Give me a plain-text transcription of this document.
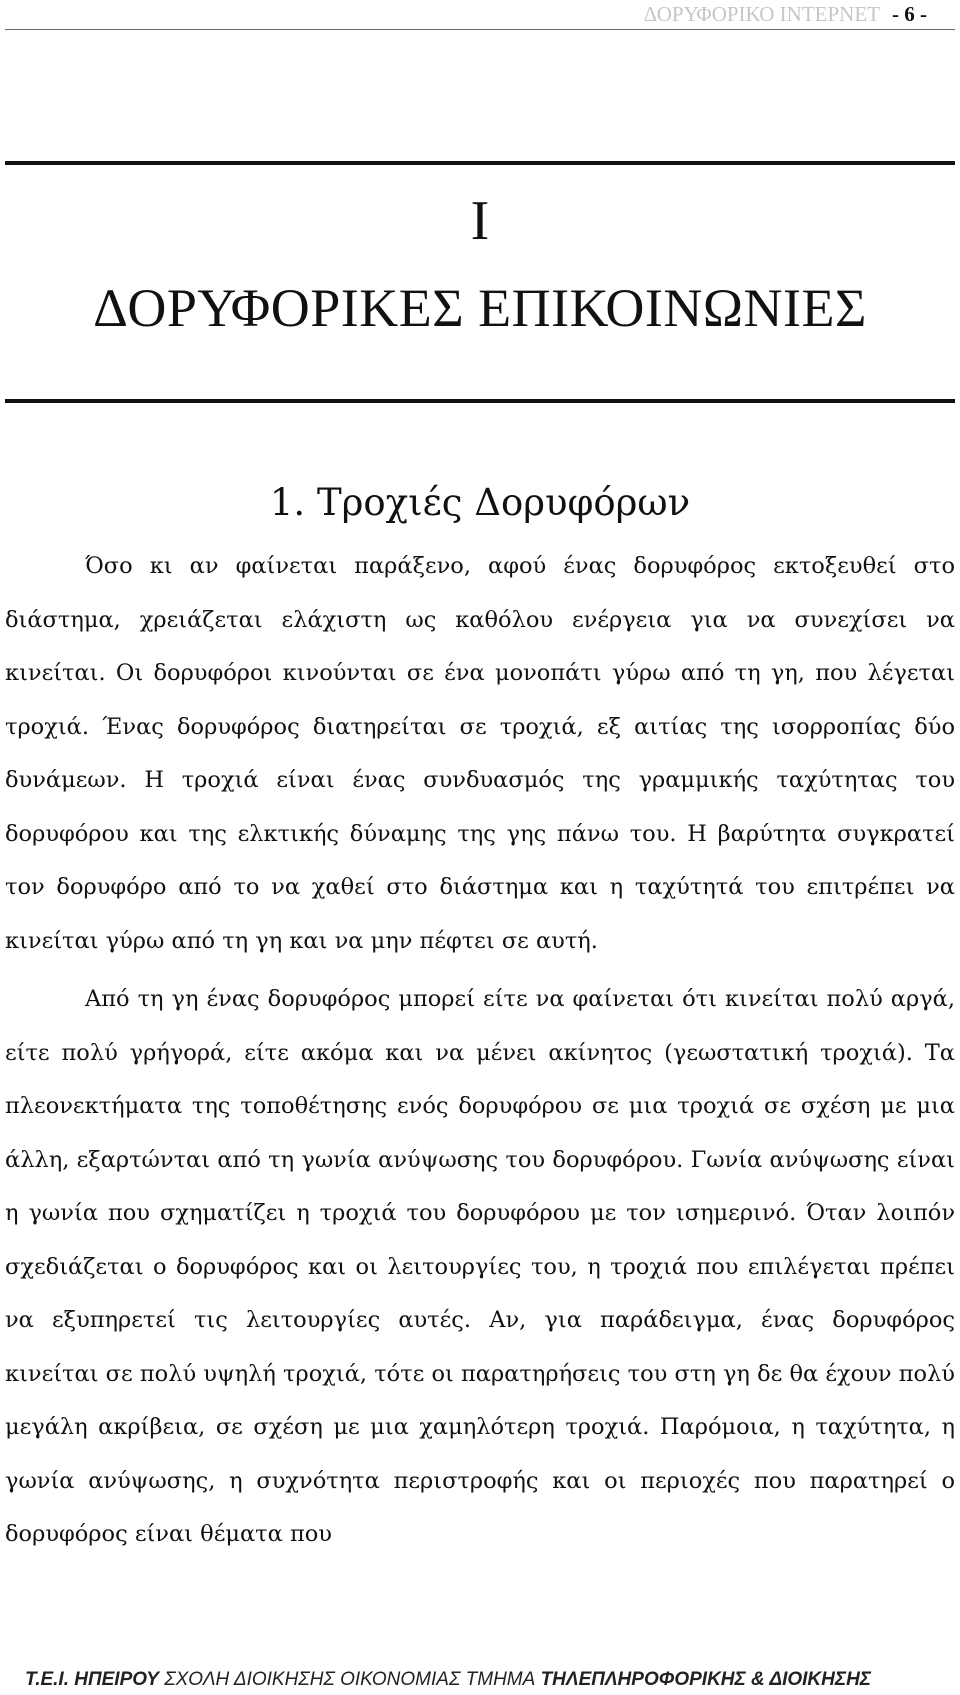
ΔΟΡΥΦΟΡΙΚΟ ΙΝΤΕΡΝΕΤ - 6 -
I
ΔΟΡΥΦΟΡΙΚΕΣ ΕΠΙΚΟΙΝΩΝΙΕΣ
1. Τροχιές Δορυφόρων

Όσο κι αν φαίνεται παράξενο, αφού ένας δορυφόρος εκτοξευθεί στο διάστημα, χρειάζεται ελάχιστη ως καθόλου ενέργεια για να συνεχίσει να κινείται. Οι δορυφόροι κινούνται σε ένα μονοπάτι γύρω από τη γη, που λέγεται τροχιά. Ένας δορυφόρος διατηρείται σε τροχιά, εξ αιτίας της ισορροπίας δύο δυνάμεων. Η τροχιά είναι ένας συνδυασμός της γραμμικής ταχύτητας του δορυφόρου και της ελκτικής δύναμης της γης πάνω του. Η βαρύτητα συγκρατεί τον δορυφόρο από το να χαθεί στο διάστημα και η ταχύτητά του επιτρέπει να κινείται γύρω από τη γη και να μην πέφτει σε αυτή.

Από τη γη ένας δορυφόρος μπορεί είτε να φαίνεται ότι κινείται πολύ αργά, είτε πολύ γρήγορά, είτε ακόμα και να μένει ακίνητος (γεωστατική τροχιά). Τα πλεονεκτήματα της τοποθέτησης ενός δορυφόρου σε μια τροχιά σε σχέση με μια άλλη, εξαρτώνται από τη γωνία ανύψωσης του δορυφόρου. Γωνία ανύψωσης είναι η γωνία που σχηματίζει η τροχιά του δορυφόρου με τον ισημερινό. Όταν λοιπόν σχεδιάζεται ο δορυφόρος και οι λειτουργίες του, η τροχιά που επιλέγεται πρέπει να εξυπηρετεί τις λειτουργίες αυτές. Αν, για παράδειγμα, ένας δορυφόρος κινείται σε πολύ υψηλή τροχιά, τότε οι παρατηρήσεις του στη γη δε θα έχουν πολύ μεγάλη ακρίβεια, σε σχέση με μια χαμηλότερη τροχιά. Παρόμοια, η ταχύτητα, η γωνία ανύψωσης, η συχνότητα περιστροφής και οι περιοχές που παρατηρεί ο δορυφόρος είναι θέματα που

Τ.Ε.Ι. ΗΠΕΙΡΟΥ ΣΧΟΛΗ ΔΙΟΙΚΗΣΗΣ ΟΙΚΟΝΟΜΙΑΣ ΤΜΗΜΑ ΤΗΛΕΠΛΗΡΟΦΟΡΙΚΗΣ & ΔΙΟΙΚΗΣΗΣ
